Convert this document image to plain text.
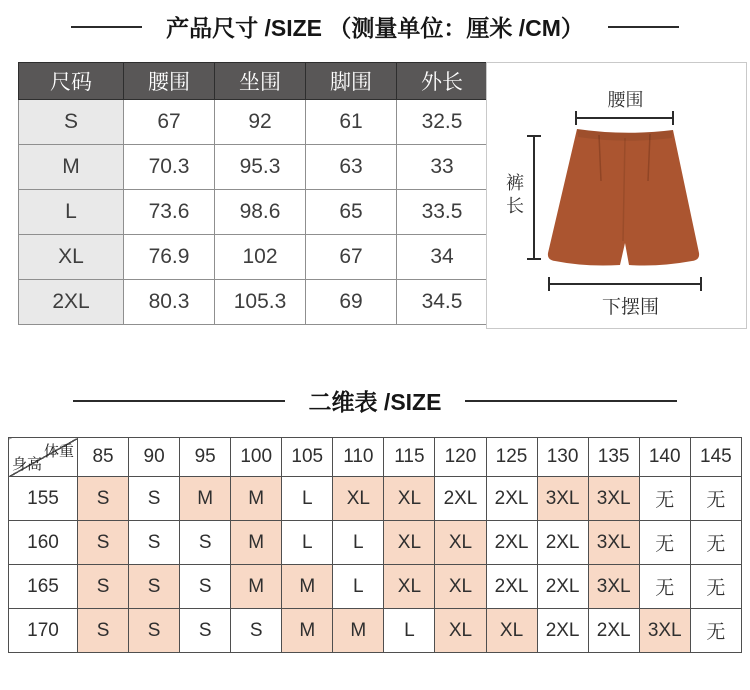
产品尺寸 /SIZE （测量单位：厘米 /CM）
尺码	腰围	坐围	脚围	外长
S	67	92	61	32.5
M	70.3	95.3	63	33
L	73.6	98.6	65	33.5
XL	76.9	102	67	34
2XL	80.3	105.3	69	34.5
腰围
裤长
下摆围
二维表 /SIZE
体重
身高	85	90	95	100	105	110	115	120	125	130	135	140	145
155	S	S	M	M	L	XL	XL	2XL	2XL	3XL	3XL	无	无
160	S	S	S	M	L	L	XL	XL	2XL	2XL	3XL	无	无
165	S	S	S	M	M	L	XL	XL	2XL	2XL	3XL	无	无
170	S	S	S	S	M	M	L	XL	XL	2XL	2XL	3XL	无
